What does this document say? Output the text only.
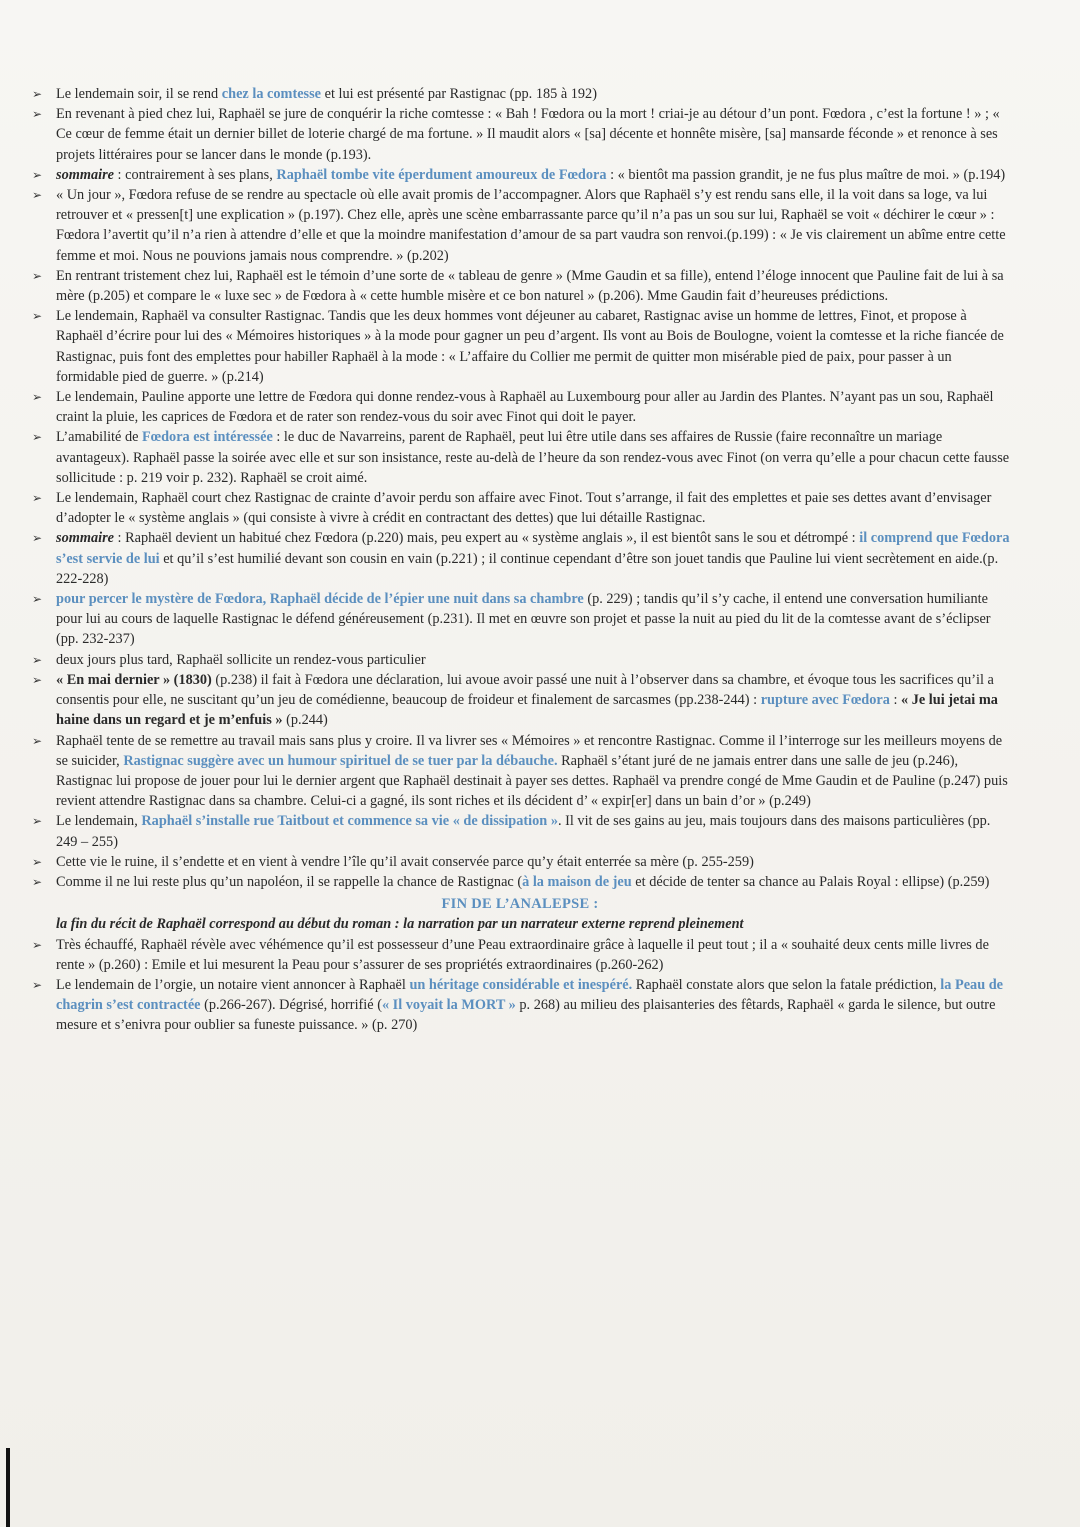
➢ Le lendemain soir, il se rend chez la comtesse et lui est présenté par Rastignac (pp. 185 à 192)
➢ En revenant à pied chez lui, Raphaël se jure de conquérir la riche comtesse : « Bah ! Fœdora ou la mort ! criai-je au détour d’un pont. Fœdora , c’est la fortune ! » ; « Ce cœur de femme était un dernier billet de loterie chargé de ma fortune. » Il maudit alors « [sa] décente et honnête misère, [sa] mansarde féconde » et renonce à ses projets littéraires pour se lancer dans le monde (p.193).
➢ sommaire : contrairement à ses plans, Raphaël tombe vite éperdument amoureux de Fœdora : « bientôt ma passion grandit, je ne fus plus maître de moi. » (p.194)
➢ « Un jour », Fœdora refuse de se rendre au spectacle où elle avait promis de l’accompagner. Alors que Raphaël s’y est rendu sans elle, il la voit dans sa loge, va lui retrouver et « pressen[t] une explication » (p.197). Chez elle, après une scène embarrassante parce qu’il n’a pas un sou sur lui, Raphaël se voit « déchirer le cœur » : Fœdora l’avertit qu’il n’a rien à attendre d’elle et que la moindre manifestation d’amour de sa part vaudra son renvoi.(p.199) : « Je vis clairement un abîme entre cette femme et moi. Nous ne pouvions jamais nous comprendre. » (p.202)
➢ En rentrant tristement chez lui, Raphaël est le témoin d’une sorte de « tableau de genre » (Mme Gaudin et sa fille), entend l’éloge innocent que Pauline fait de lui à sa mère (p.205) et compare le « luxe sec » de Fœdora à « cette humble misère et ce bon naturel » (p.206). Mme Gaudin fait d’heureuses prédictions.
➢ Le lendemain, Raphaël va consulter Rastignac. Tandis que les deux hommes vont déjeuner au cabaret, Rastignac avise un homme de lettres, Finot, et propose à Raphaël d’écrire pour lui des « Mémoires historiques » à la mode pour gagner un peu d’argent. Ils vont au Bois de Boulogne, voient la comtesse et la riche fiancée de Rastignac, puis font des emplettes pour habiller Raphaël à la mode : « L’affaire du Collier me permit de quitter mon misérable pied de paix, pour passer à un formidable pied de guerre. » (p.214)
➢ Le lendemain, Pauline apporte une lettre de Fœdora qui donne rendez-vous à Raphaël au Luxembourg pour aller au Jardin des Plantes. N’ayant pas un sou, Raphaël craint la pluie, les caprices de Fœdora et de rater son rendez-vous du soir avec Finot qui doit le payer.
➢ L’amabilité de Fœdora est intéressée : le duc de Navarreins, parent de Raphaël, peut lui être utile dans ses affaires de Russie (faire reconnaître un mariage avantageux). Raphaël passe la soirée avec elle et sur son insistance, reste au-delà de l’heure da son rendez-vous avec Finot (on verra qu’elle a pour chacun cette fausse sollicitude : p. 219 voir p. 232). Raphaël se croit aimé.
➢ Le lendemain, Raphaël court chez Rastignac de crainte d’avoir perdu son affaire avec Finot. Tout s’arrange, il fait des emplettes et paie ses dettes avant d’envisager d’adopter le « système anglais » (qui consiste à vivre à crédit en contractant des dettes) que lui détaille Rastignac.
➢ sommaire : Raphaël devient un habitué chez Fœdora (p.220) mais, peu expert au « système anglais », il est bientôt sans le sou et détrompé : il comprend que Fœdora s’est servie de lui et qu’il s’est humilié devant son cousin en vain (p.221) ; il continue cependant d’être son jouet tandis que Pauline lui vient secrètement en aide.(p. 222-228)
➢ pour percer le mystère de Fœdora, Raphaël décide de l’épier une nuit dans sa chambre (p. 229) ; tandis qu’il s’y cache, il entend une conversation humiliante pour lui au cours de laquelle Rastignac le défend généreusement (p.231). Il met en œuvre son projet et passe la nuit au pied du lit de la comtesse avant de s’éclipser (pp. 232-237)
➢ deux jours plus tard, Raphaël sollicite un rendez-vous particulier
➢ « En mai dernier » (1830) (p.238) il fait à Fœdora une déclaration, lui avoue avoir passé une nuit à l’observer dans sa chambre, et évoque tous les sacrifices qu’il a consentis pour elle, ne suscitant qu’un jeu de comédienne, beaucoup de froideur et finalement de sarcasmes (pp.238-244) : rupture avec Fœdora : « Je lui jetai ma haine dans un regard et je m’enfuis » (p.244)
➢ Raphaël tente de se remettre au travail mais sans plus y croire. Il va livrer ses « Mémoires » et rencontre Rastignac. Comme il l’interroge sur les meilleurs moyens de se suicider, Rastignac suggère avec un humour spirituel de se tuer par la débauche. Raphaël s’étant juré de ne jamais entrer dans une salle de jeu (p.246), Rastignac lui propose de jouer pour lui le dernier argent que Raphaël destinait à payer ses dettes. Raphaël va prendre congé de Mme Gaudin et de Pauline (p.247) puis revient attendre Rastignac dans sa chambre. Celui-ci a gagné, ils sont riches et ils décident d’ « expir[er] dans un bain d’or » (p.249)
➢ Le lendemain, Raphaël s’installe rue Taitbout et commence sa vie « de dissipation ». Il vit de ses gains au jeu, mais toujours dans des maisons particulières (pp. 249 – 255)
➢ Cette vie le ruine, il s’endette et en vient à vendre l’île qu’il avait conservée parce qu’y était enterrée sa mère (p. 255-259)
➢ Comme il ne lui reste plus qu’un napoléon, il se rappelle la chance de Rastignac (à la maison de jeu et décide de tenter sa chance au Palais Royal : ellipse) (p.259)
FIN DE L’ANALEPSE :
la fin du récit de Raphaël correspond au début du roman : la narration par un narrateur externe reprend pleinement
➢ Très échauffé, Raphaël révèle avec véhémence qu’il est possesseur d’une Peau extraordinaire grâce à laquelle il peut tout ; il a « souhaité deux cents mille livres de rente » (p.260) : Emile et lui mesurent la Peau pour s’assurer de ses propriétés extraordinaires (p.260-262)
➢ Le lendemain de l’orgie, un notaire vient annoncer à Raphaël un héritage considérable et inespéré. Raphaël constate alors que selon la fatale prédiction, la Peau de chagrin s’est contractée (p.266-267). Dégrisé, horrifié (« Il voyait la MORT » p. 268) au milieu des plaisanteries des fêtards, Raphaël « garda le silence, but outre mesure et s’enivra pour oublier sa funeste puissance. » (p. 270)
